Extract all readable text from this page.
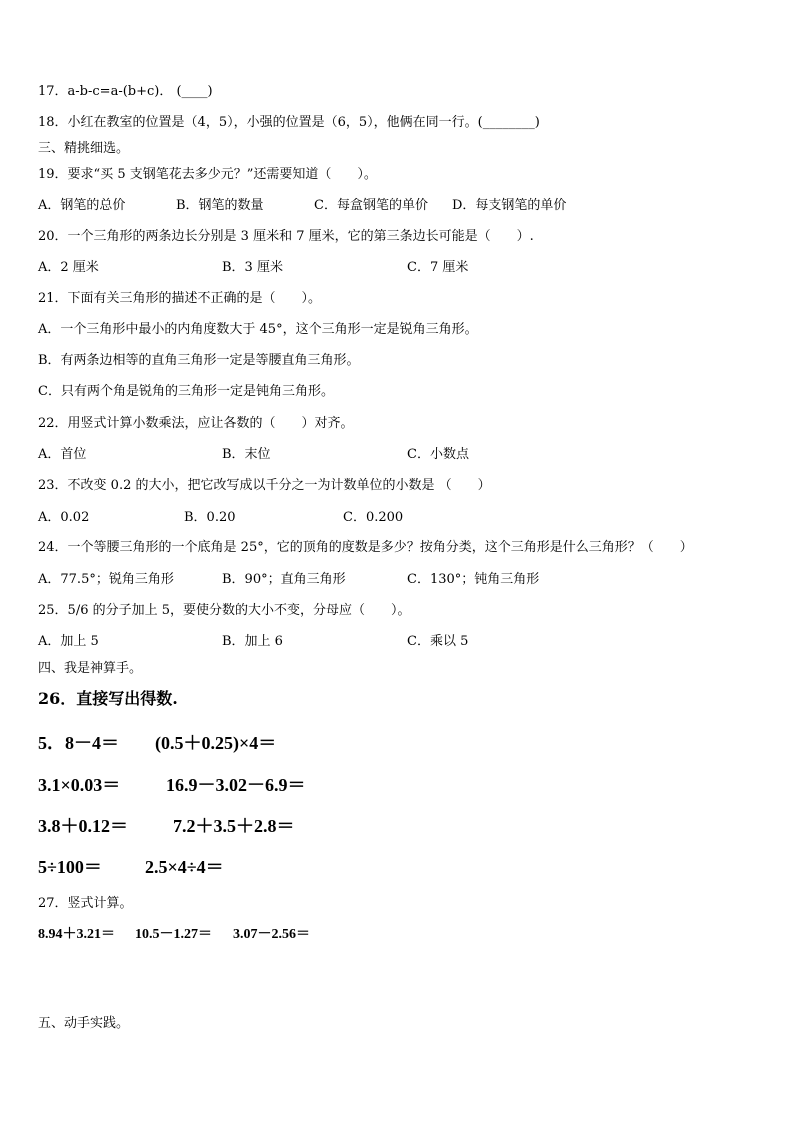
17．a-b-c=a-(b+c)． (____)
18．小红在教室的位置是（4，5），小强的位置是（6，5），他俩在同一行。(________)
三、精挑细选。
19．要求“买 5 支钢笔花去多少元？”还需要知道（　　）。
A．钢笔的总价	B．钢笔的数量	C．每盒钢笔的单价 D．每支钢笔的单价
20．一个三角形的两条边长分别是 3 厘米和 7 厘米，它的第三条边长可能是（　　）.
A．2 厘米	B．3 厘米	C．7 厘米
21．下面有关三角形的描述不正确的是（　　）。
A．一个三角形中最小的内角度数大于 45°，这个三角形一定是锐角三角形。
B．有两条边相等的直角三角形一定是等腰直角三角形。
C．只有两个角是锐角的三角形一定是钝角三角形。
22．用竖式计算小数乘法，应让各数的（　　）对齐。
A．首位	B．末位	C．小数点
23．不改变 0.2 的大小，把它改写成以千分之一为计数单位的小数是 （　　）
A．0.02	B．0.20	C．0.200
24．一个等腰三角形的一个底角是 25°，它的顶角的度数是多少？按角分类，这个三角形是什么三角形？（　　）
A．77.5°；锐角三角形	B．90°；直角三角形	C．130°；钝角三角形
25．5/6 的分子加上 5，要使分数的大小不变，分母应（　　）。
A．加上 5	B．加上 6	C．乘以 5
四、我是神算手。
26．直接写出得数.
5．8－4＝ (0.5＋0.25)×4＝
3.1×0.03＝	16.9－3.02－6.9＝
3.8＋0.12＝	7.2＋3.5＋2.8＝
5÷100＝ 2.5×4÷4＝
27．竖式计算。
8.94＋3.21＝ 10.5－1.27＝ 3.07－2.56＝
五、动手实践。
